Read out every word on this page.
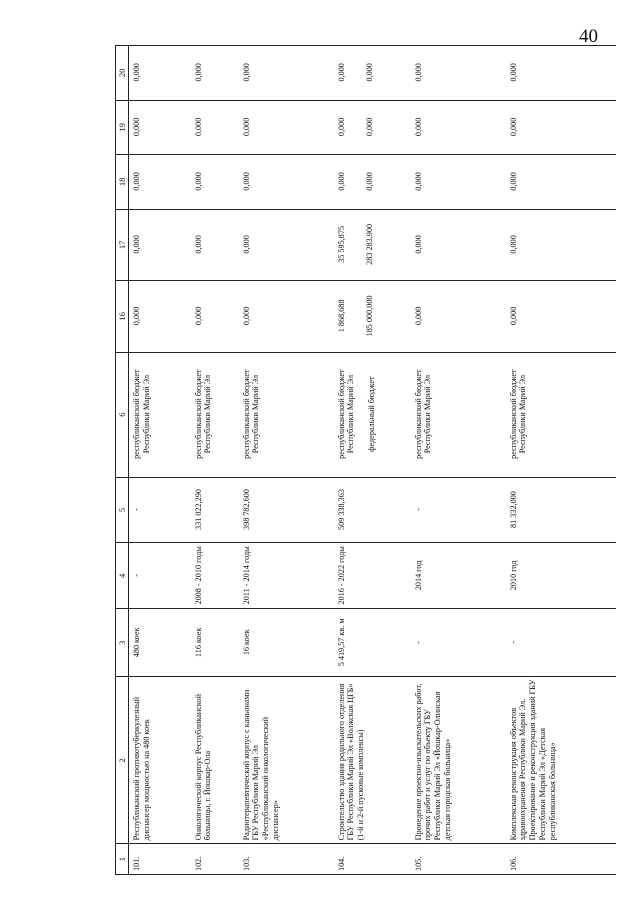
40
1	2	3	4	5	6	16	17	18	19	20
101.	Республиканский противотуберкулезный диспансер мощностью на 480 коек	480 коек	-	-	республиканский бюджет Республики Марий Эл	0,000	0,000	0,000	0,000	0,000
102.	Онкологический корпус Республиканской больницы, г. Йошкар-Ола	116 коек	2008 - 2010 годы	331 022,290	республиканский бюджет Республики Марий Эл	0,000	0,000	0,000	0,000	0,000
103.	Радиотерапевтический корпус с каньонами ГБУ Республики Марий Эл «Республиканский онкологический диспансер»	16 коек	2011 - 2014 годы	398 782,600	республиканский бюджет Республики Марий Эл	0,000	0,000	0,000	0,000	0,000
104.	Строительство здания родильного отделения ГБУ Республики Марий Эл «Волжская ЦГБ» (1-й и 2-й пусковые комплексы)	5 419,57 кв. м	2016 - 2022 годы	509 338,363	республиканский бюджет Республики Марий Эл федеральный бюджет	1 868,688 185 000,000	35 595,875 283 283,900	0,000 0,000	0,000 0,000	0,000 0,000

105.	Проведение проектно-изыскательских работ, прочих работ и услуг по объекту ГБУ Республики Марий Эл «Йошкар-Олинская детская городская больница»	-	2014 год	-	республиканский бюджет Республики Марий Эл	0,000	0,000	0,000	0,000	0,000
106.	Комплексная реконструкция объектов здравоохранения Республики Марий Эл. Проектирование и реконструкция зданий ГБУ Республики Марий Эл «Детская республиканская больница»	-	2010 год	81 332,000	республиканский бюджет Республики Марий Эл	0,000	0,000	0,000	0,000	0,000
